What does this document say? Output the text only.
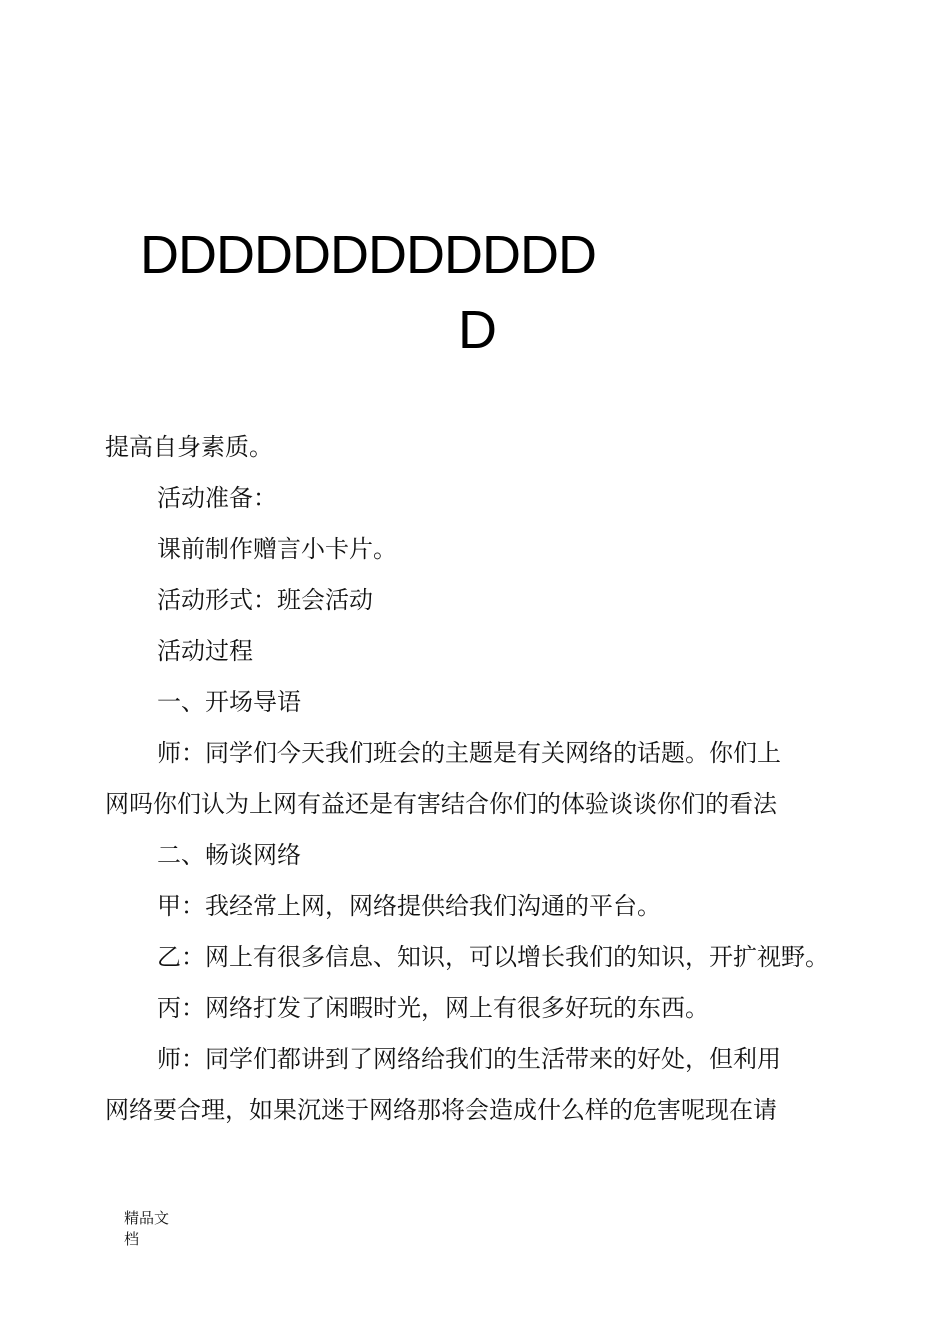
DDDDDDDDDDDD
D

提高自身素质。

活动准备：

课前制作赠言小卡片。

活动形式：班会活动

活动过程

一、开场导语

师：同学们今天我们班会的主题是有关网络的话题。你们上

网吗你们认为上网有益还是有害结合你们的体验谈谈你们的看法

二、畅谈网络

甲：我经常上网，网络提供给我们沟通的平台。

乙：网上有很多信息、知识，可以增长我们的知识，开扩视野。

丙：网络打发了闲暇时光，网上有很多好玩的东西。

师：同学们都讲到了网络给我们的生活带来的好处，但利用

网络要合理，如果沉迷于网络那将会造成什么样的危害呢现在请

精品文
档
